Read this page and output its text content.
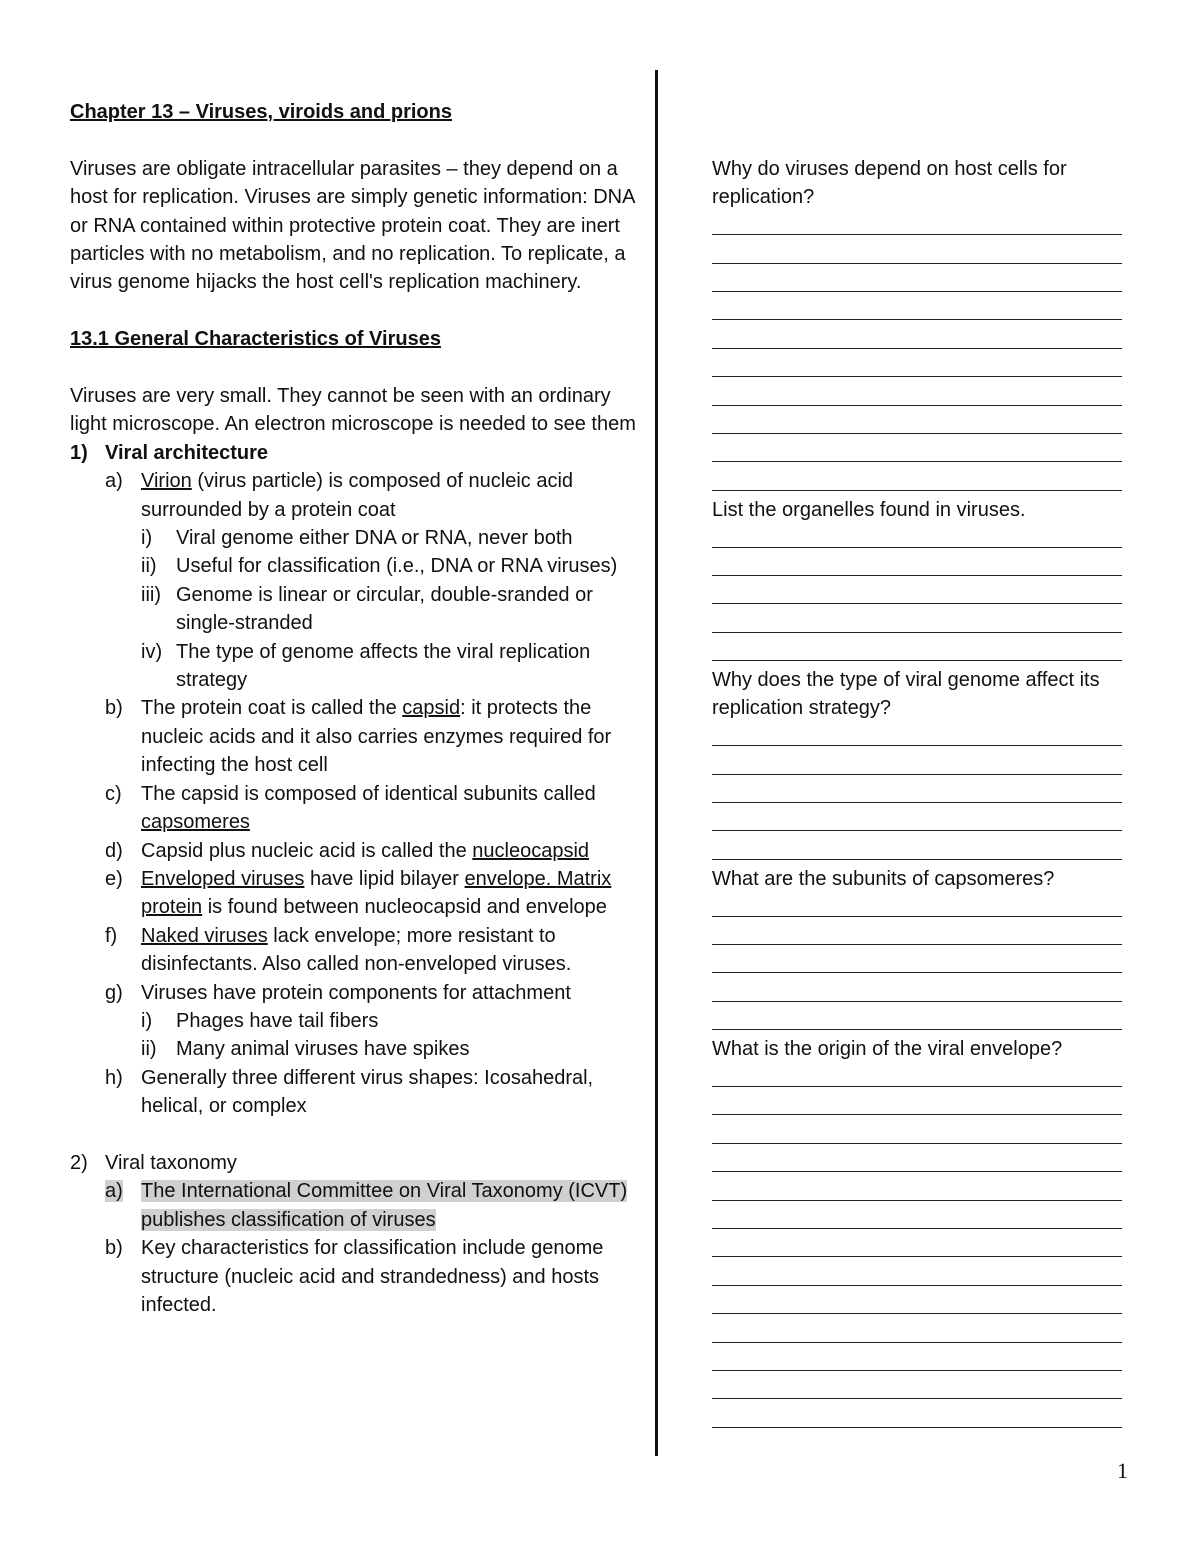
Chapter 13 – Viruses, viroids and prions

Viruses are obligate intracellular parasites – they depend on a host for replication. Viruses are simply genetic information: DNA or RNA contained within protective protein coat. They are inert particles with no metabolism, and no replication. To replicate, a virus genome hijacks the host cell's replication machinery.

13.1 General Characteristics of Viruses

Viruses are very small. They cannot be seen with an ordinary light microscope. An electron microscope is needed to see them

1) Viral architecture
a) Virion (virus particle) is composed of nucleic acid surrounded by a protein coat
i)	Viral genome either DNA or RNA, never both
ii) Useful for classification (i.e., DNA or RNA viruses)
iii) Genome is linear or circular, double-sranded or single-stranded
iv) The type of genome affects the viral replication strategy
b) The protein coat is called the capsid: it protects the nucleic acids and it also carries enzymes required for infecting the host cell
c) The capsid is composed of identical subunits called capsomeres
d) Capsid plus nucleic acid is called the nucleocapsid
e) Enveloped viruses have lipid bilayer envelope. Matrix protein is found between nucleocapsid and envelope
f)	Naked viruses lack envelope; more resistant to disinfectants. Also called non-enveloped viruses.
g) Viruses have protein components for attachment
i)	Phages have tail fibers
ii) Many animal viruses have spikes
h) Generally three different virus shapes: Icosahedral, helical, or complex
2) Viral taxonomy
a) The International Committee on Viral Taxonomy (ICVT) publishes classification of viruses
b) Key characteristics for classification include genome structure (nucleic acid and strandedness) and hosts infected.

Why do viruses depend on host cells for replication?

List the organelles found in viruses.

Why does the type of viral genome affect its replication strategy?

What are the subunits of capsomeres?

What is the origin of the viral envelope?

1
